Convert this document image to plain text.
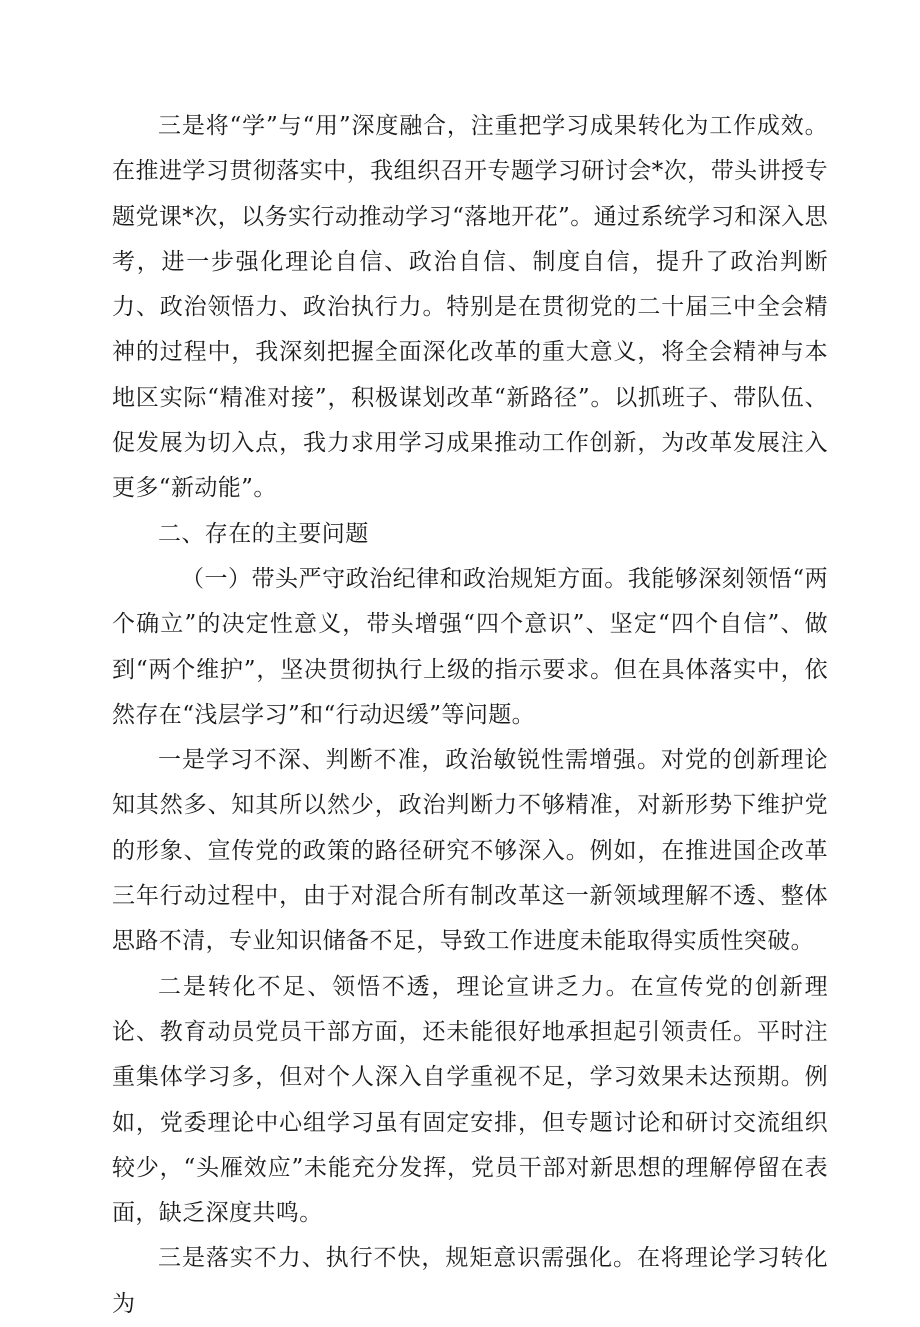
三是将“学”与“用”深度融合，注重把学习成果转化为工作成效。在推进学习贯彻落实中，我组织召开专题学习研讨会*次，带头讲授专题党课*次，以务实行动推动学习“落地开花”。通过系统学习和深入思考，进一步强化理论自信、政治自信、制度自信，提升了政治判断力、政治领悟力、政治执行力。特别是在贯彻党的二十届三中全会精神的过程中，我深刻把握全面深化改革的重大意义，将全会精神与本地区实际“精准对接”，积极谋划改革“新路径”。以抓班子、带队伍、促发展为切入点，我力求用学习成果推动工作创新，为改革发展注入更多“新动能”。

二、存在的主要问题

（一）带头严守政治纪律和政治规矩方面。我能够深刻领悟“两个确立”的决定性意义，带头增强“四个意识”、坚定“四个自信”、做到“两个维护”，坚决贯彻执行上级的指示要求。但在具体落实中，依然存在“浅层学习”和“行动迟缓”等问题。

一是学习不深、判断不准，政治敏锐性需增强。对党的创新理论知其然多、知其所以然少，政治判断力不够精准，对新形势下维护党的形象、宣传党的政策的路径研究不够深入。例如，在推进国企改革三年行动过程中，由于对混合所有制改革这一新领域理解不透、整体思路不清，专业知识储备不足，导致工作进度未能取得实质性突破。

二是转化不足、领悟不透，理论宣讲乏力。在宣传党的创新理论、教育动员党员干部方面，还未能很好地承担起引领责任。平时注重集体学习多，但对个人深入自学重视不足，学习效果未达预期。例如，党委理论中心组学习虽有固定安排，但专题讨论和研讨交流组织较少，“头雁效应”未能充分发挥，党员干部对新思想的理解停留在表面，缺乏深度共鸣。

三是落实不力、执行不快，规矩意识需强化。在将理论学习转化为
